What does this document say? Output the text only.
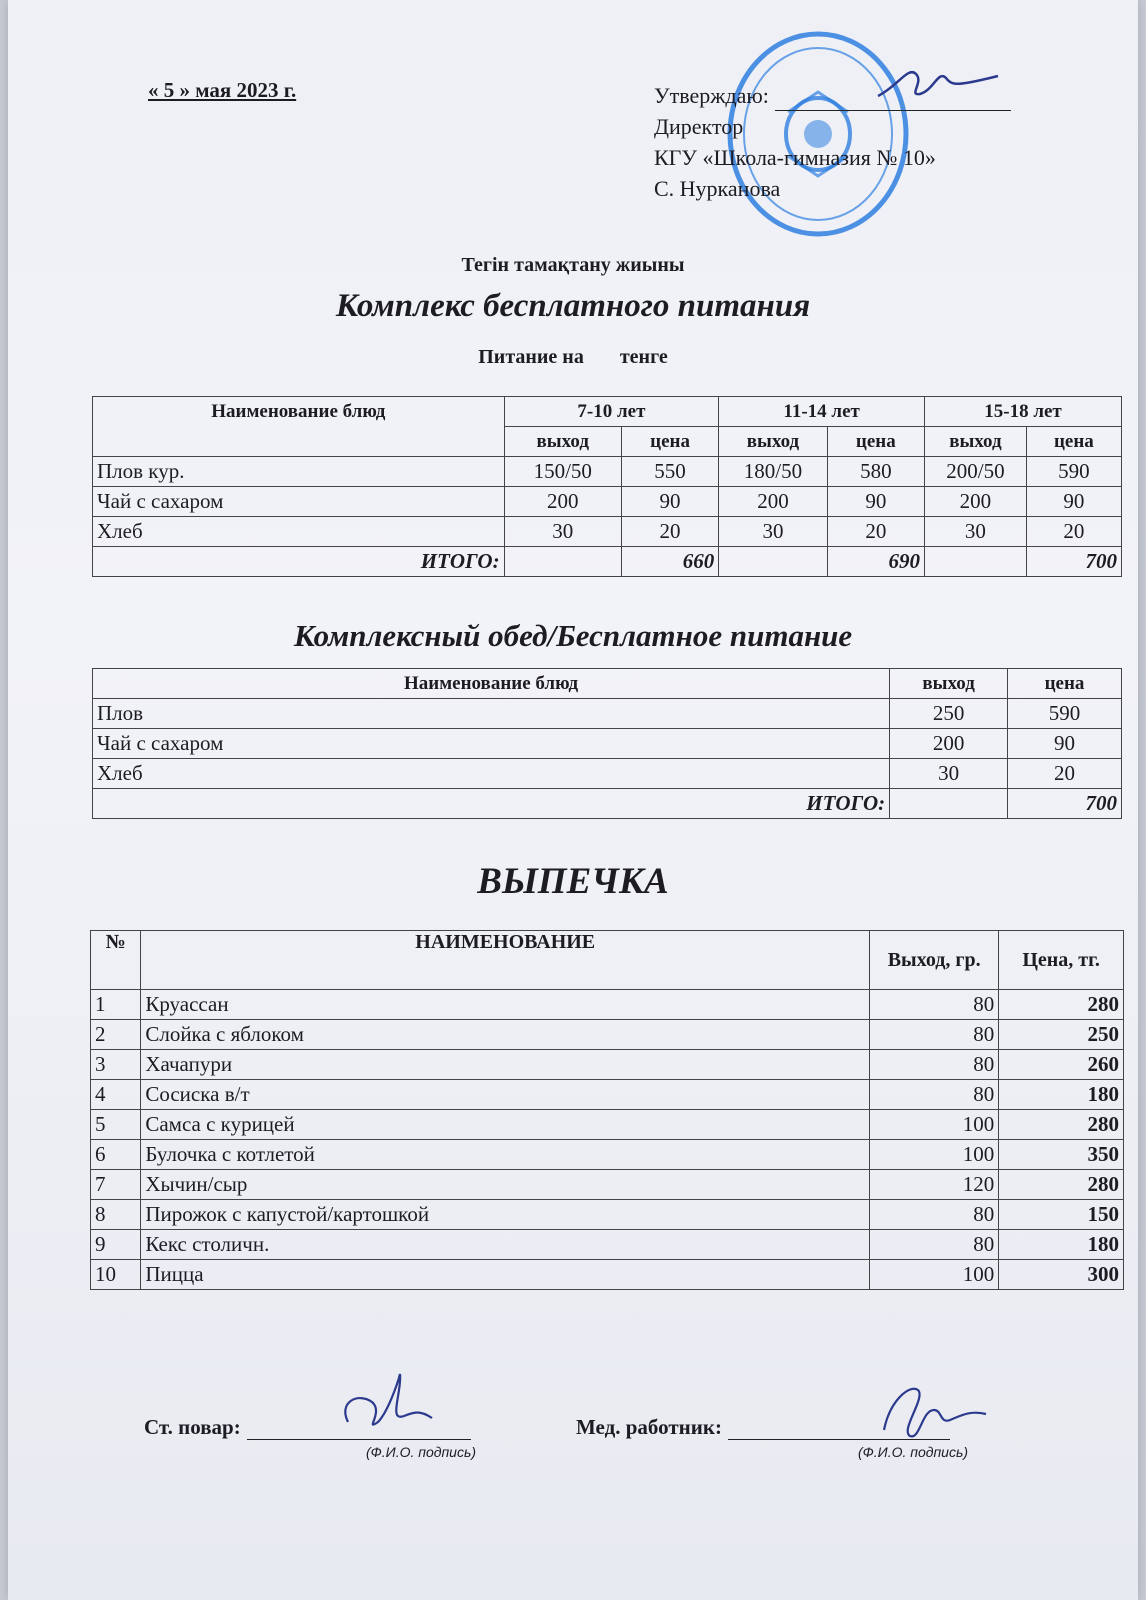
« 5 » мая 2023 г.	Утверждаю:
Директор
КГУ «Школа-гимназия № 10»
С. Нурканова
Тегін тамақтану жиыны
Комплекс бесплатного питания
Питание на тенге
Наименование блюд	7-10 лет		11-14 лет		15-18 лет	
	выход	цена	выход	цена	выход	цена
Плов кур.	150/50	550	180/50	580	200/50	590
Чай с сахаром	200	90	200	90	200	90
Хлеб	30	20	30	20	30	20
ИТОГО:		660		690		700
Комплексный обед/Бесплатное питание
Наименование блюд	выход	цена
Плов	250	590
Чай с сахаром	200	90
Хлеб	30	20
ИТОГО:		700
ВЫПЕЧКА
№	НАИМЕНОВАНИЕ	Выход, гр.	Цена, тг.
1	Круассан	80	280
2	Слойка с яблоком	80	250
3	Хачапури	80	260
4	Сосиска в/т	80	180
5	Самса с курицей	100	280
6	Булочка с котлетой	100	350
7	Хычин/сыр	120	280
8	Пирожок с капустой/картошкой	80	150
9	Кекс столичн.	80	180
10	Пицца	100	300
Ст. повар:
(Ф.И.О. подпись)
Мед. работник:
(Ф.И.О. подпись)
